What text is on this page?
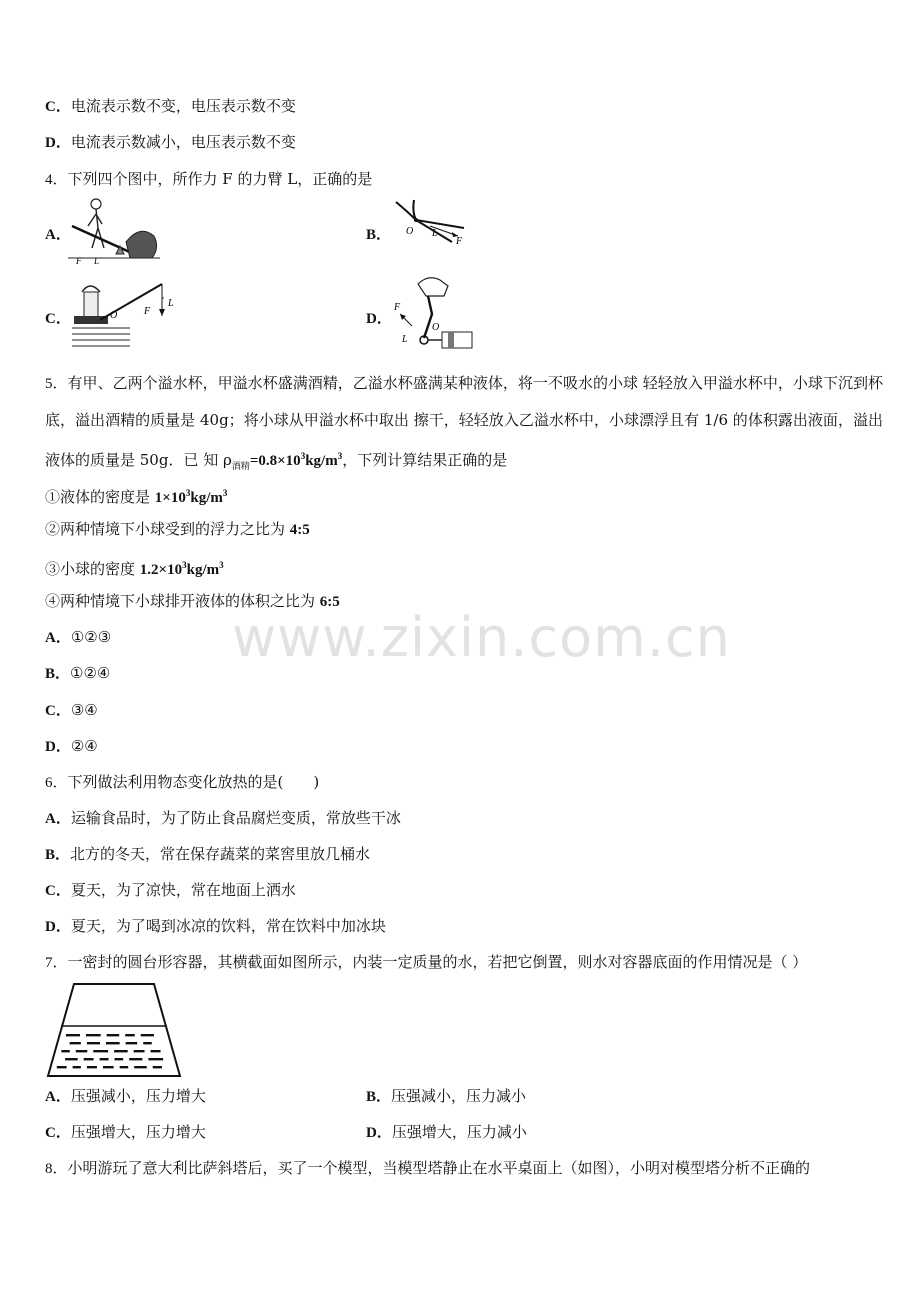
C．电流表示数不变，电压表示数不变
D．电流表示数减小，电压表示数不变
4．下列四个图中，所作力 F 的力臂 L，正确的是
A．
F L
B． O L
F
C．	O	F
L
D．
F
L
O
5．有甲、乙两个溢水杯，甲溢水杯盛满酒精，乙溢水杯盛满某种液体，将一不吸水的小球 轻轻放入甲溢水杯中，小球下沉到杯底，溢出酒精的质量是 40g；将小球从甲溢水杯中取出 擦干，轻轻放入乙溢水杯中，小球漂浮且有 1/6 的体积露出液面，溢出液体的质量是 50g．已 知 $\rho_{酒精}=0.8\times 10^3kg/m^3$，下列计算结果正确的是
①液体的密度是 $1\times 10^3kg/m^3$
②两种情境下小球受到的浮力之比为 4:5
③小球的密度 $1.2\times 10^3kg/m^3$
④两种情境下小球排开液体的体积之比为 6:5
A．①②③
B．①②④
C．③④
D．②④
6．下列做法利用物态变化放热的是(　　)
A．运输食品时，为了防止食品腐烂变质，常放些干冰
B．北方的冬天，常在保存蔬菜的菜窖里放几桶水
C．夏天，为了凉快，常在地面上洒水
D．夏天，为了喝到冰凉的饮料，常在饮料中加冰块
7．一密封的圆台形容器，其横截面如图所示，内装一定质量的水，若把它倒置，则水对容器底面的作用情况是（ ）
A．压强减小，压力增大	B．压强减小，压力减小
C．压强增大，压力增大	D．压强增大，压力减小
8．小明游玩了意大利比萨斜塔后，买了一个模型，当模型塔静止在水平桌面上（如图），小明对模型塔分析不正确的
www.zixin.com.cn
